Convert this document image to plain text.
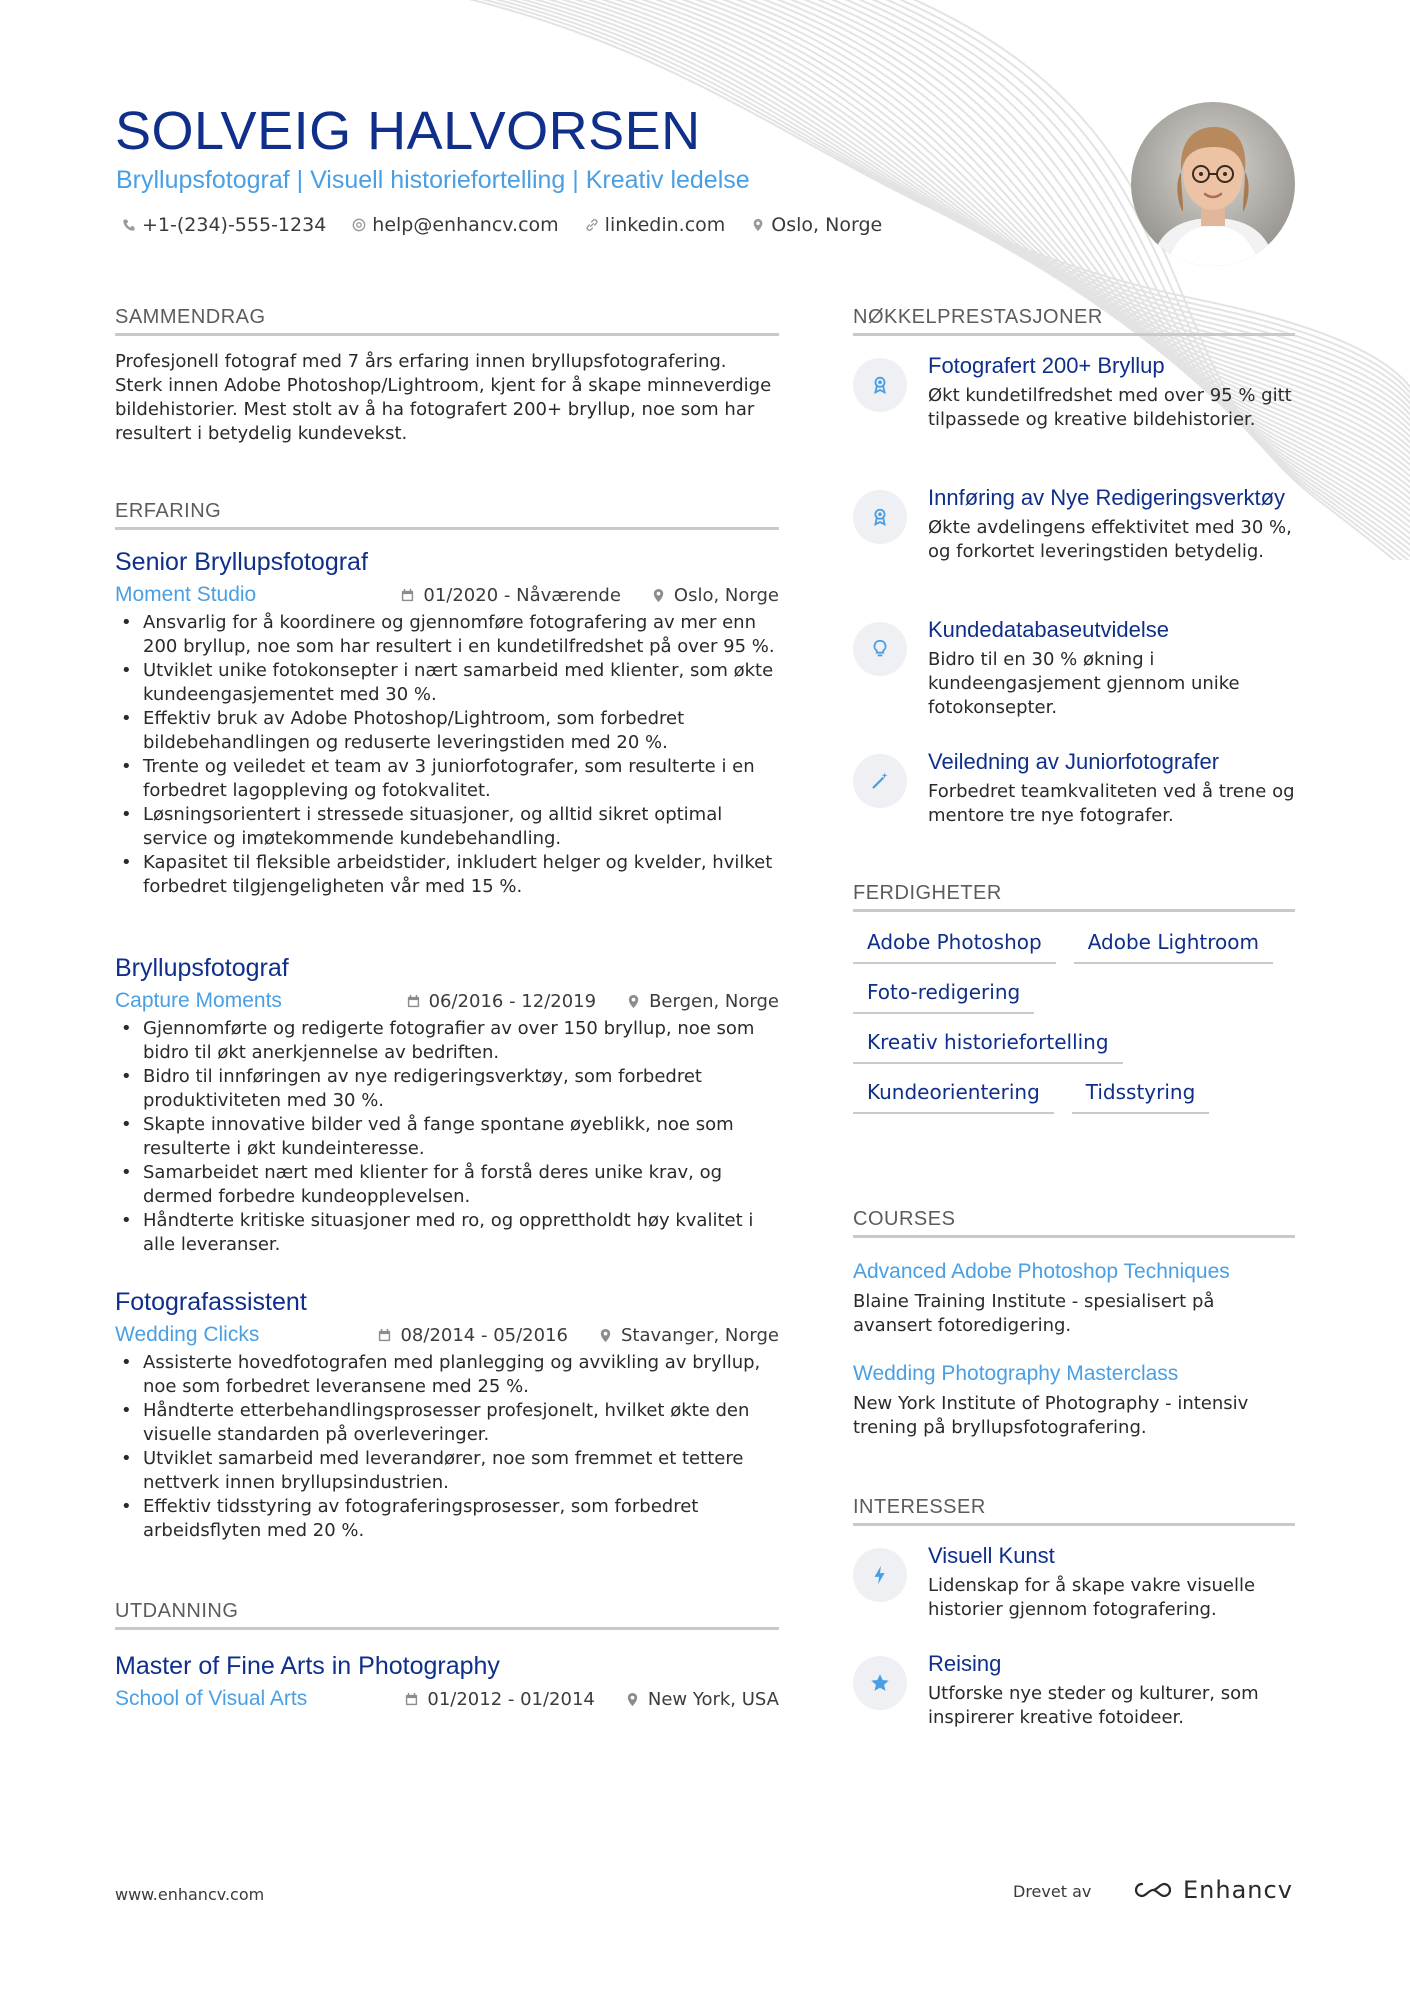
SOLVEIG HALVORSEN
Bryllupsfotograf | Visuell historiefortelling | Kreativ ledelse
+1-(234)-555-1234 help@enhancv.com linkedin.com Oslo, Norge
SAMMENDRAG
Profesjonell fotograf med 7 års erfaring innen bryllupsfotografering. Sterk innen Adobe Photoshop/Lightroom, kjent for å skape minneverdige bildehistorier. Mest stolt av å ha fotografert 200+ bryllup, noe som har resultert i betydelig kundevekst.
ERFARING
Senior Bryllupsfotograf
Moment Studio	01/2020 - Nåværende	Oslo, Norge
• Ansvarlig for å koordinere og gjennomføre fotografering av mer enn 200 bryllup, noe som har resultert i en kundetilfredshet på over 95 %.
• Utviklet unike fotokonsepter i nært samarbeid med klienter, som økte kundeengasjementet med 30 %.
• Effektiv bruk av Adobe Photoshop/Lightroom, som forbedret bildebehandlingen og reduserte leveringstiden med 20 %.
• Trente og veiledet et team av 3 juniorfotografer, som resulterte i en forbedret lagoppleving og fotokvalitet.
• Løsningsorientert i stressede situasjoner, og alltid sikret optimal service og imøtekommende kundebehandling.
• Kapasitet til fleksible arbeidstider, inkludert helger og kvelder, hvilket forbedret tilgjengeligheten vår med 15 %.
Bryllupsfotograf
Capture Moments	06/2016 - 12/2019	Bergen, Norge
• Gjennomførte og redigerte fotografier av over 150 bryllup, noe som bidro til økt anerkjennelse av bedriften.
• Bidro til innføringen av nye redigeringsverktøy, som forbedret produktiviteten med 30 %.
• Skapte innovative bilder ved å fange spontane øyeblikk, noe som resulterte i økt kundeinteresse.
• Samarbeidet nært med klienter for å forstå deres unike krav, og dermed forbedre kundeopplevelsen.
• Håndterte kritiske situasjoner med ro, og opprettholdt høy kvalitet i alle leveranser.
Fotografassistent
Wedding Clicks	08/2014 - 05/2016	Stavanger, Norge
• Assisterte hovedfotografen med planlegging og avvikling av bryllup, noe som forbedret leveransene med 25 %.
• Håndterte etterbehandlingsprosesser profesjonelt, hvilket økte den visuelle standarden på overleveringer.
• Utviklet samarbeid med leverandører, noe som fremmet et tettere nettverk innen bryllupsindustrien.
• Effektiv tidsstyring av fotograferingsprosesser, som forbedret arbeidsflyten med 20 %.
UTDANNING
Master of Fine Arts in Photography
School of Visual Arts	01/2012 - 01/2014	New York, USA
NØKKELPRESTASJONER
Fotografert 200+ Bryllup
Økt kundetilfredshet med over 95 % gitt tilpassede og kreative bildehistorier.
Innføring av Nye Redigeringsverktøy
Økte avdelingens effektivitet med 30 %, og forkortet leveringstiden betydelig.
Kundedatabaseutvidelse
Bidro til en 30 % økning i kundeengasjement gjennom unike fotokonsepter.
Veiledning av Juniorfotografer
Forbedret teamkvaliteten ved å trene og mentore tre nye fotografer.
FERDIGHETER
Adobe Photoshop	Adobe Lightroom
Foto-redigering
Kreativ historiefortelling
Kundeorientering	Tidsstyring
COURSES
Advanced Adobe Photoshop Techniques
Blaine Training Institute - spesialisert på avansert fotoredigering.
Wedding Photography Masterclass
New York Institute of Photography - intensiv trening på bryllupsfotografering.
INTERESSER
Visuell Kunst
Lidenskap for å skape vakre visuelle historier gjennom fotografering.
Reising
Utforske nye steder og kulturer, som inspirerer kreative fotoideer.
www.enhancv.com	Drevet av	Enhancv
